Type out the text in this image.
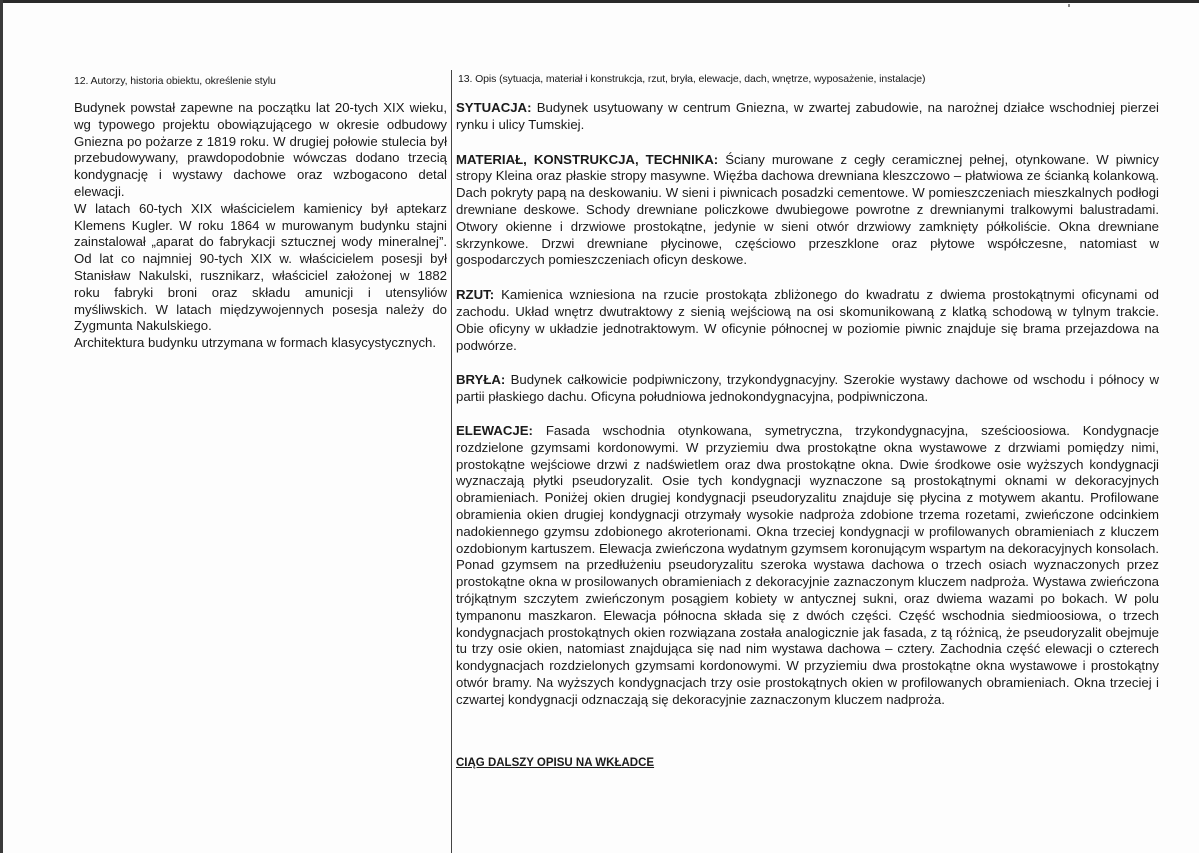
12. Autorzy, historia obiektu, określenie stylu	13. Opis (sytuacja, materiał i konstrukcja, rzut, bryła, elewacje, dach, wnętrze, wyposażenie, instalacje)

Budynek powstał zapewne na początku lat 20-tych XIX wieku, wg typowego projektu obowiązującego w okresie odbudowy Gniezna po pożarze z 1819 roku. W drugiej połowie stulecia był przebudowywany, prawdopodobnie wówczas dodano trzecią kondygnację i wystawy dachowe oraz wzbogacono detal elewacji.

W latach 60-tych XIX właścicielem kamienicy był aptekarz Klemens Kugler. W roku 1864 w murowanym budynku stajni zainstalował „aparat do fabrykacji sztucznej wody mineralnej”. Od lat co najmniej 90-tych XIX w. właścicielem posesji był Stanisław Nakulski, rusznikarz, właściciel założonej w 1882 roku fabryki broni oraz składu amunicji i utensyliów myśliwskich. W latach międzywojennych posesja należy do Zygmunta Nakulskiego.

Architektura budynku utrzymana w formach klasycystycznych.

SYTUACJA: Budynek usytuowany w centrum Gniezna, w zwartej zabudowie, na narożnej działce wschodniej pierzei rynku i ulicy Tumskiej.

MATERIAŁ, KONSTRUKCJA, TECHNIKA: Ściany murowane z cegły ceramicznej pełnej, otynkowane. W piwnicy stropy Kleina oraz płaskie stropy masywne. Więźba dachowa drewniana kleszczowo – płatwiowa ze ścianką kolankową. Dach pokryty papą na deskowaniu. W sieni i piwnicach posadzki cementowe. W pomieszczeniach mieszkalnych podłogi drewniane deskowe. Schody drewniane policzkowe dwubiegowe powrotne z drewnianymi tralkowymi balustradami. Otwory okienne i drzwiowe prostokątne, jedynie w sieni otwór drzwiowy zamknięty półkoliście. Okna drewniane skrzynkowe. Drzwi drewniane płycinowe, częściowo przeszklone oraz płytowe współczesne, natomiast w gospodarczych pomieszczeniach oficyn deskowe.

RZUT: Kamienica wzniesiona na rzucie prostokąta zbliżonego do kwadratu z dwiema prostokątnymi oficynami od zachodu. Układ wnętrz dwutraktowy z sienią wejściową na osi skomunikowaną z klatką schodową w tylnym trakcie. Obie oficyny w układzie jednotraktowym. W oficynie północnej w poziomie piwnic znajduje się brama przejazdowa na podwórze.

BRYŁA: Budynek całkowicie podpiwniczony, trzykondygnacyjny. Szerokie wystawy dachowe od wschodu i północy w partii płaskiego dachu. Oficyna południowa jednokondygnacyjna, podpiwniczona.

ELEWACJE: Fasada wschodnia otynkowana, symetryczna, trzykondygnacyjna, sześcioosiowa. Kondygnacje rozdzielone gzymsami kordonowymi. W przyziemiu dwa prostokątne okna wystawowe z drzwiami pomiędzy nimi, prostokątne wejściowe drzwi z nadświetlem oraz dwa prostokątne okna. Dwie środkowe osie wyższych kondygnacji wyznaczają płytki pseudoryzalit. Osie tych kondygnacji wyznaczone są prostokątnymi oknami w dekoracyjnych obramieniach. Poniżej okien drugiej kondygnacji pseudoryzalitu znajduje się płycina z motywem akantu. Profilowane obramienia okien drugiej kondygnacji otrzymały wysokie nadproża zdobione trzema rozetami, zwieńczone odcinkiem nadokiennego gzymsu zdobionego akroterionami. Okna trzeciej kondygnacji w profilowanych obramieniach z kluczem ozdobionym kartuszem. Elewacja zwieńczona wydatnym gzymsem koronującym wspartym na dekoracyjnych konsolach. Ponad gzymsem na przedłużeniu pseudoryzalitu szeroka wystawa dachowa o trzech osiach wyznaczonych przez prostokątne okna w prosilowanych obramieniach z dekoracyjnie zaznaczonym kluczem nadproża. Wystawa zwieńczona trójkątnym szczytem zwieńczonym posągiem kobiety w antycznej sukni, oraz dwiema wazami po bokach. W polu tympanonu maszkaron. Elewacja północna składa się z dwóch części. Część wschodnia siedmioosiowa, o trzech kondygnacjach prostokątnych okien rozwiązana została analogicznie jak fasada, z tą różnicą, że pseudoryzalit obejmuje tu trzy osie okien, natomiast znajdująca się nad nim wystawa dachowa – cztery. Zachodnia część elewacji o czterech kondygnacjach rozdzielonych gzymsami kordonowymi. W przyziemiu dwa prostokątne okna wystawowe i prostokątny otwór bramy. Na wyższych kondygnacjach trzy osie prostokątnych okien w profilowanych obramieniach. Okna trzeciej i czwartej kondygnacji odznaczają się dekoracyjnie zaznaczonym kluczem nadproża.

CIĄG DALSZY OPISU NA WKŁADCE
